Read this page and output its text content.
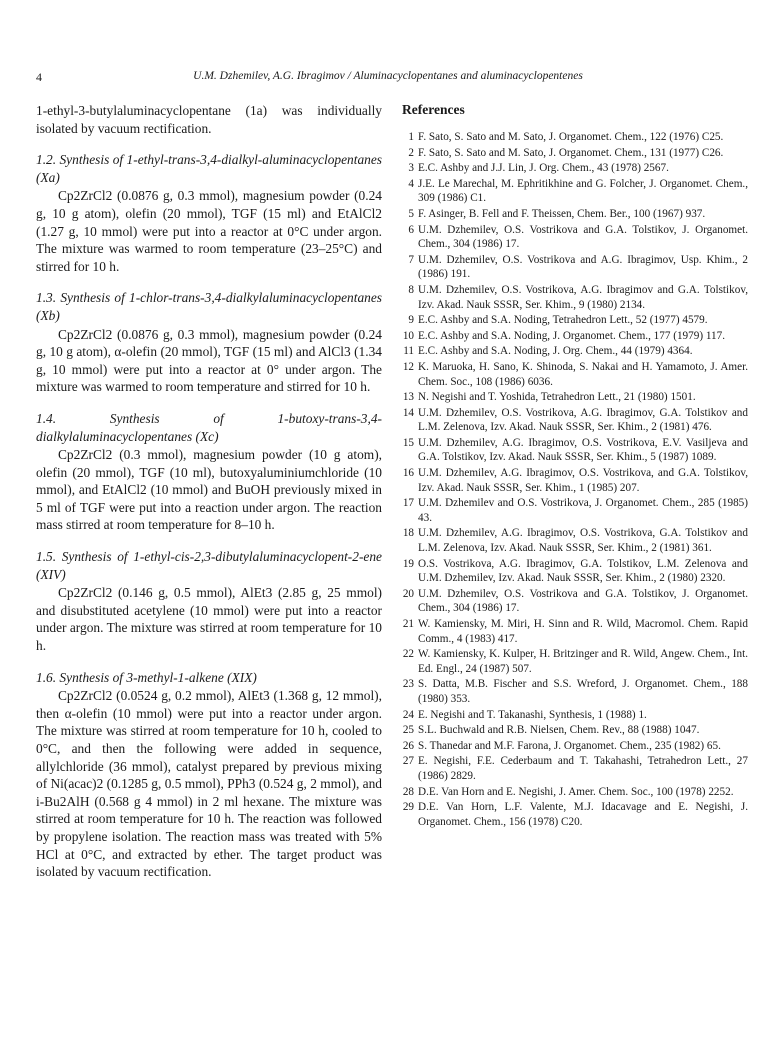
4	U.M. Dzhemilev, A.G. Ibragimov / Aluminacyclopentanes and aluminacyclopentenes

1-ethyl-3-butylaluminacyclopentane (1a) was individually isolated by vacuum rectification.

1.2. Synthesis of 1-ethyl-trans-3,4-dialkyl-aluminacyclopentanes (Xa)

Cp2ZrCl2 (0.0876 g, 0.3 mmol), magnesium powder (0.24 g, 10 g atom), olefin (20 mmol), TGF (15 ml) and EtAlCl2 (1.27 g, 10 mmol) were put into a reactor at 0°C under argon. The mixture was warmed to room temperature (23–25°C) and stirred for 10 h.

1.3. Synthesis of 1-chlor-trans-3,4-dialkylaluminacyclopentanes (Xb)

Cp2ZrCl2 (0.0876 g, 0.3 mmol), magnesium powder (0.24 g, 10 g atom), α-olefin (20 mmol), TGF (15 ml) and AlCl3 (1.34 g, 10 mmol) were put into a reactor at 0° under argon. The mixture was warmed to room temperature and stirred for 10 h.

1.4. Synthesis of 1-butoxy-trans-3,4-dialkylaluminacyclopentanes (Xc)

Cp2ZrCl2 (0.3 mmol), magnesium powder (10 g atom), olefin (20 mmol), TGF (10 ml), butoxyaluminiumchloride (10 mmol), and EtAlCl2 (10 mmol) and BuOH previously mixed in 5 ml of TGF were put into a reaction under argon. The reaction mass stirred at room temperature for 8–10 h.

1.5. Synthesis of 1-ethyl-cis-2,3-dibutylaluminacyclopent-2-ene (XIV)

Cp2ZrCl2 (0.146 g, 0.5 mmol), AlEt3 (2.85 g, 25 mmol) and disubstituted acetylene (10 mmol) were put into a reactor under argon. The mixture was stirred at room temperature for 10 h.

1.6. Synthesis of 3-methyl-1-alkene (XIX)

Cp2ZrCl2 (0.0524 g, 0.2 mmol), AlEt3 (1.368 g, 12 mmol), then α-olefin (10 mmol) were put into a reactor under argon. The mixture was stirred at room temperature for 10 h, cooled to 0°C, and then the following were added in sequence, allylchloride (36 mmol), catalyst prepared by previous mixing of Ni(acac)2 (0.1285 g, 0.5 mmol), PPh3 (0.524 g, 2 mmol), and i-Bu2AlH (0.568 g 4 mmol) in 2 ml hexane. The mixture was stirred at room temperature for 10 h. The reaction was followed by propylene isolation. The reaction mass was treated with 5% HCl at 0°C, and extracted by ether. The target product was isolated by vacuum rectification.

References
1 F. Sato, S. Sato and M. Sato, J. Organomet. Chem., 122 (1976) C25.
2 F. Sato, S. Sato and M. Sato, J. Organomet. Chem., 131 (1977) C26.
3 E.C. Ashby and J.J. Lin, J. Org. Chem., 43 (1978) 2567.
4 J.E. Le Marechal, M. Ephritikhine and G. Folcher, J. Organomet. Chem., 309 (1986) C1.
5 F. Asinger, B. Fell and F. Theissen, Chem. Ber., 100 (1967) 937.
6 U.M. Dzhemilev, O.S. Vostrikova and G.A. Tolstikov, J. Organomet. Chem., 304 (1986) 17.
7 U.M. Dzhemilev, O.S. Vostrikova and A.G. Ibragimov, Usp. Khim., 2 (1986) 191.
8 U.M. Dzhemilev, O.S. Vostrikova, A.G. Ibragimov and G.A. Tolstikov, Izv. Akad. Nauk SSSR, Ser. Khim., 9 (1980) 2134.
9 E.C. Ashby and S.A. Noding, Tetrahedron Lett., 52 (1977) 4579.
10 E.C. Ashby and S.A. Noding, J. Organomet. Chem., 177 (1979) 117.
11 E.C. Ashby and S.A. Noding, J. Org. Chem., 44 (1979) 4364.
12 K. Maruoka, H. Sano, K. Shinoda, S. Nakai and H. Yamamoto, J. Amer. Chem. Soc., 108 (1986) 6036.
13 N. Negishi and T. Yoshida, Tetrahedron Lett., 21 (1980) 1501.
14 U.M. Dzhemilev, O.S. Vostrikova, A.G. Ibragimov, G.A. Tolstikov and L.M. Zelenova, Izv. Akad. Nauk SSSR, Ser. Khim., 2 (1981) 476.
15 U.M. Dzhemilev, A.G. Ibragimov, O.S. Vostrikova, E.V. Vasiljeva and G.A. Tolstikov, Izv. Akad. Nauk SSSR, Ser. Khim., 5 (1987) 1089.
16 U.M. Dzhemilev, A.G. Ibragimov, O.S. Vostrikova, and G.A. Tolstikov, Izv. Akad. Nauk SSSR, Ser. Khim., 1 (1985) 207.
17 U.M. Dzhemilev and O.S. Vostrikova, J. Organomet. Chem., 285 (1985) 43.
18 U.M. Dzhemilev, A.G. Ibragimov, O.S. Vostrikova, G.A. Tolstikov and L.M. Zelenova, Izv. Akad. Nauk SSSR, Ser. Khim., 2 (1981) 361.
19 O.S. Vostrikova, A.G. Ibragimov, G.A. Tolstikov, L.M. Zelenova and U.M. Dzhemilev, Izv. Akad. Nauk SSSR, Ser. Khim., 2 (1980) 2320.
20 U.M. Dzhemilev, O.S. Vostrikova and G.A. Tolstikov, J. Organomet. Chem., 304 (1986) 17.
21 W. Kamiensky, M. Miri, H. Sinn and R. Wild, Macromol. Chem. Rapid Comm., 4 (1983) 417.
22 W. Kamiensky, K. Kulper, H. Britzinger and R. Wild, Angew. Chem., Int. Ed. Engl., 24 (1987) 507.
23 S. Datta, M.B. Fischer and S.S. Wreford, J. Organomet. Chem., 188 (1980) 353.
24 E. Negishi and T. Takanashi, Synthesis, 1 (1988) 1.
25 S.L. Buchwald and R.B. Nielsen, Chem. Rev., 88 (1988) 1047.
26 S. Thanedar and M.F. Farona, J. Organomet. Chem., 235 (1982) 65.
27 E. Negishi, F.E. Cederbaum and T. Takahashi, Tetrahedron Lett., 27 (1986) 2829.
28 D.E. Van Horn and E. Negishi, J. Amer. Chem. Soc., 100 (1978) 2252.
29 D.E. Van Horn, L.F. Valente, M.J. Idacavage and E. Negishi, J. Organomet. Chem., 156 (1978) C20.
